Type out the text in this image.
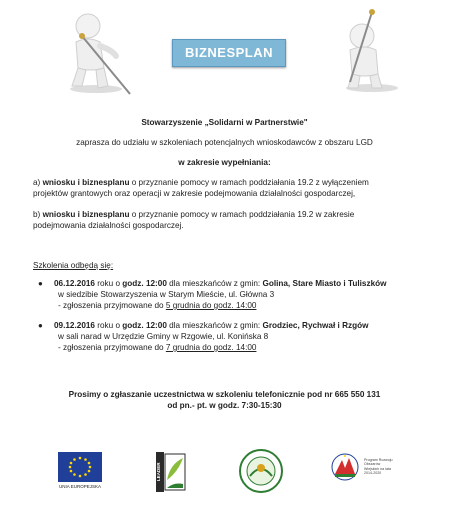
BIZNESPLAN
Stowarzyszenie „Solidarni w Partnerstwie"
zaprasza do udziału w szkoleniach potencjalnych wnioskodawców z obszaru LGD
w zakresie wypełniania:
a) wniosku i biznesplanu o przyznanie pomocy w ramach poddziałania 19.2 z wyłączeniem
projektów grantowych oraz operacji w zakresie podejmowania działalności gospodarczej,
b) wniosku i biznesplanu o przyznanie pomocy w ramach poddziałania 19.2 w zakresie
podejmowania działalności gospodarczej.
Szkolenia odbędą się:
● 06.12.2016 roku o godz. 12:00 dla mieszkańców z gmin: Golina, Stare Miasto i Tuliszków
w siedzibie Stowarzyszenia w Starym Mieście, ul. Główna 3
- zgłoszenia przyjmowane do 5 grudnia do godz. 14:00
● 09.12.2016 roku o godz. 12:00 dla mieszkańców z gmin: Grodziec, Rychwał i Rzgów
w sali narad w Urzędzie Gminy w Rzgowie, ul. Konińska 8
- zgłoszenia przyjmowane do 7 grudnia do godz. 14:00
Prosimy o zgłaszanie uczestnictwa w szkoleniu telefonicznie pod nr 665 550 131
od pn.- pt. w godz. 7:30-15:30
UNIA EUROPEJSKA
LEADER
Program Rozwoju Obszarów Wiejskich na lata 2014-2020
